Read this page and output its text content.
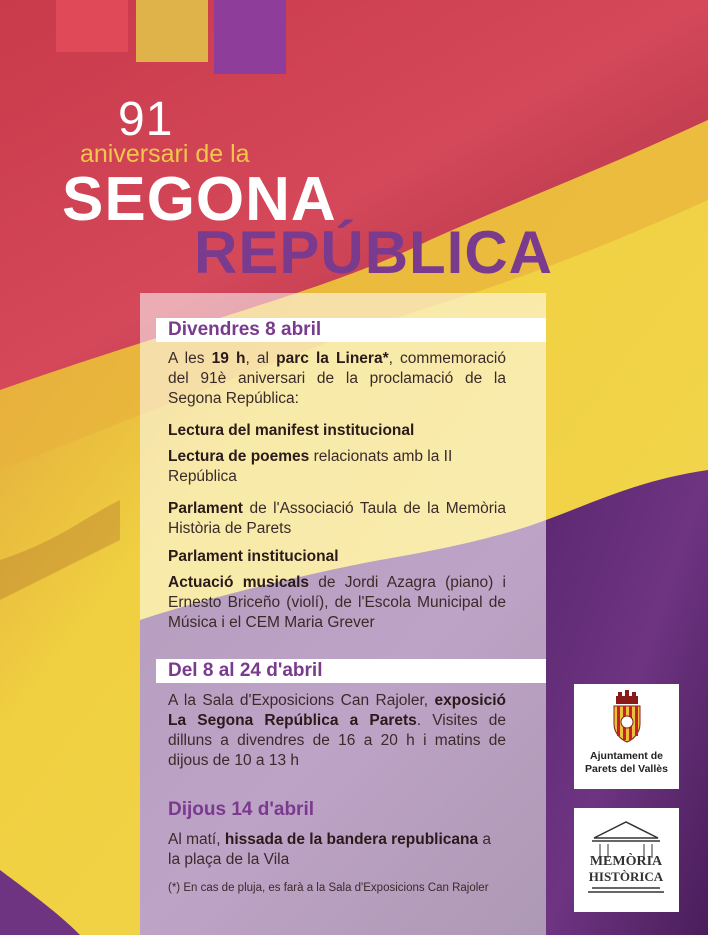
91
aniversari de la
SEGONA
REPÚBLICA
Divendres 8 abril
A les 19 h, al parc la Linera*, commemoració del 91è aniversari de la proclamació de la Segona República:
Lectura del manifest institucional
Lectura de poemes relacionats amb la II República
Parlament de l'Associació Taula de la Memòria Història de Parets
Parlament institucional
Actuació musicals de Jordi Azagra (piano) i Ernesto Briceño (violí), de l'Escola Municipal de Música i el CEM Maria Grever
Del 8 al 24 d'abril
A la Sala d'Exposicions Can Rajoler, exposició La Segona República a Parets. Visites de dilluns a divendres de 16 a 20 h i matins de dijous de 10 a 13 h
Dijous 14 d'abril
Al matí, hissada de la bandera republicana a la plaça de la Vila
(*) En cas de pluja, es farà a la Sala d'Exposicions Can Rajoler
Ajuntament de
Parets del Vallès
MEMÒRIA
HISTÒRICA
